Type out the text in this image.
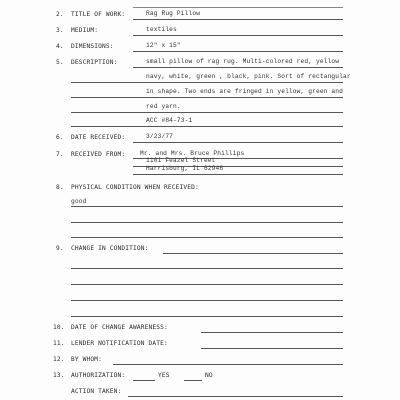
2. TITLE OF WORK:	Rag Rug Pillow
3. MEDIUM:	textiles
4. DIMENSIONS:	12" x 15"
5. DESCRIPTION:	small pillow of rag rug. Multi-colored red, yellow
navy, white, green , black, pink. Sort of rectangular
in shape. Two ends are fringed in yellow, green and
red yarn.
ACC #84-73-1
6. DATE RECEIVED:	3/23/77
7. RECEIVED FROM: Mr. and Mrs. Bruce Phillips
1101 Feazel Street
Harrisburg, IL 62946
8. PHYSICAL CONDITION WHEN RECEIVED:
good
9. CHANGE IN CONDITION:
10. DATE OF CHANGE AWARENESS:
11. LENDER NOTIFICATION DATE:
12. BY WHOM:
13. AUTHORIZATION:	YES	NO
ACTION TAKEN:
